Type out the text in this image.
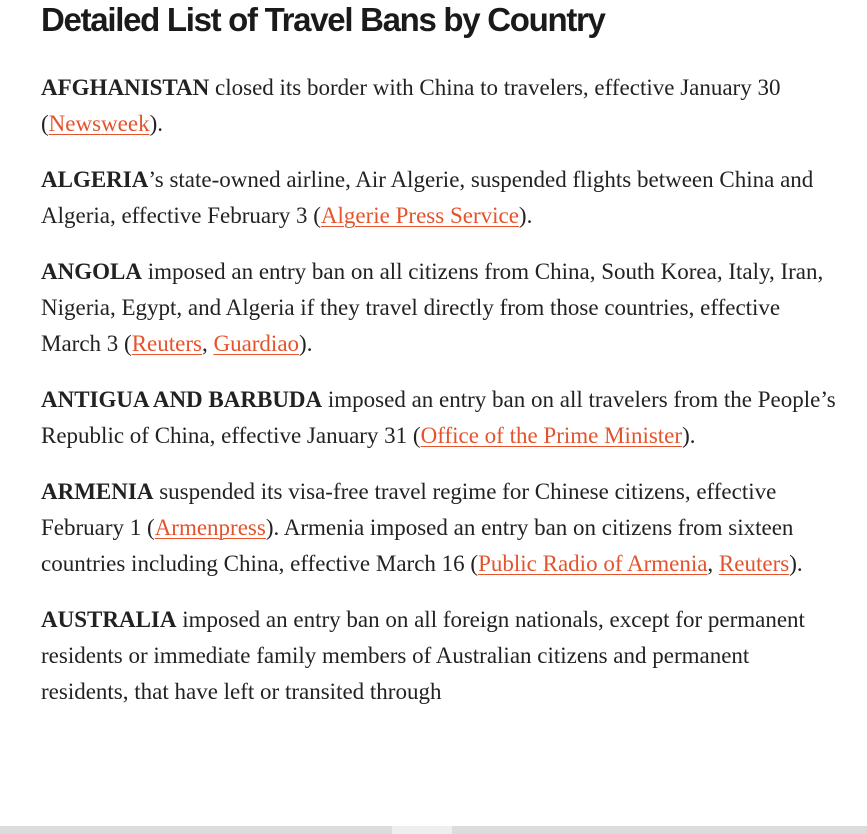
Detailed List of Travel Bans by Country

AFGHANISTAN closed its border with China to travelers, effective January 30 (Newsweek).

ALGERIA’s state-owned airline, Air Algerie, suspended flights between China and Algeria, effective February 3 (Algerie Press Service).

ANGOLA imposed an entry ban on all citizens from China, South Korea, Italy, Iran, Nigeria, Egypt, and Algeria if they travel directly from those countries, effective March 3 (Reuters, Guardiao).

ANTIGUA AND BARBUDA imposed an entry ban on all travelers from the People’s Republic of China, effective January 31 (Office of the Prime Minister).

ARMENIA suspended its visa-free travel regime for Chinese citizens, effective February 1 (Armenpress). Armenia imposed an entry ban on citizens from sixteen countries including China, effective March 16 (Public Radio of Armenia, Reuters).

AUSTRALIA imposed an entry ban on all foreign nationals, except for permanent residents or immediate family members of Australian citizens and permanent residents, that have left or transited through
